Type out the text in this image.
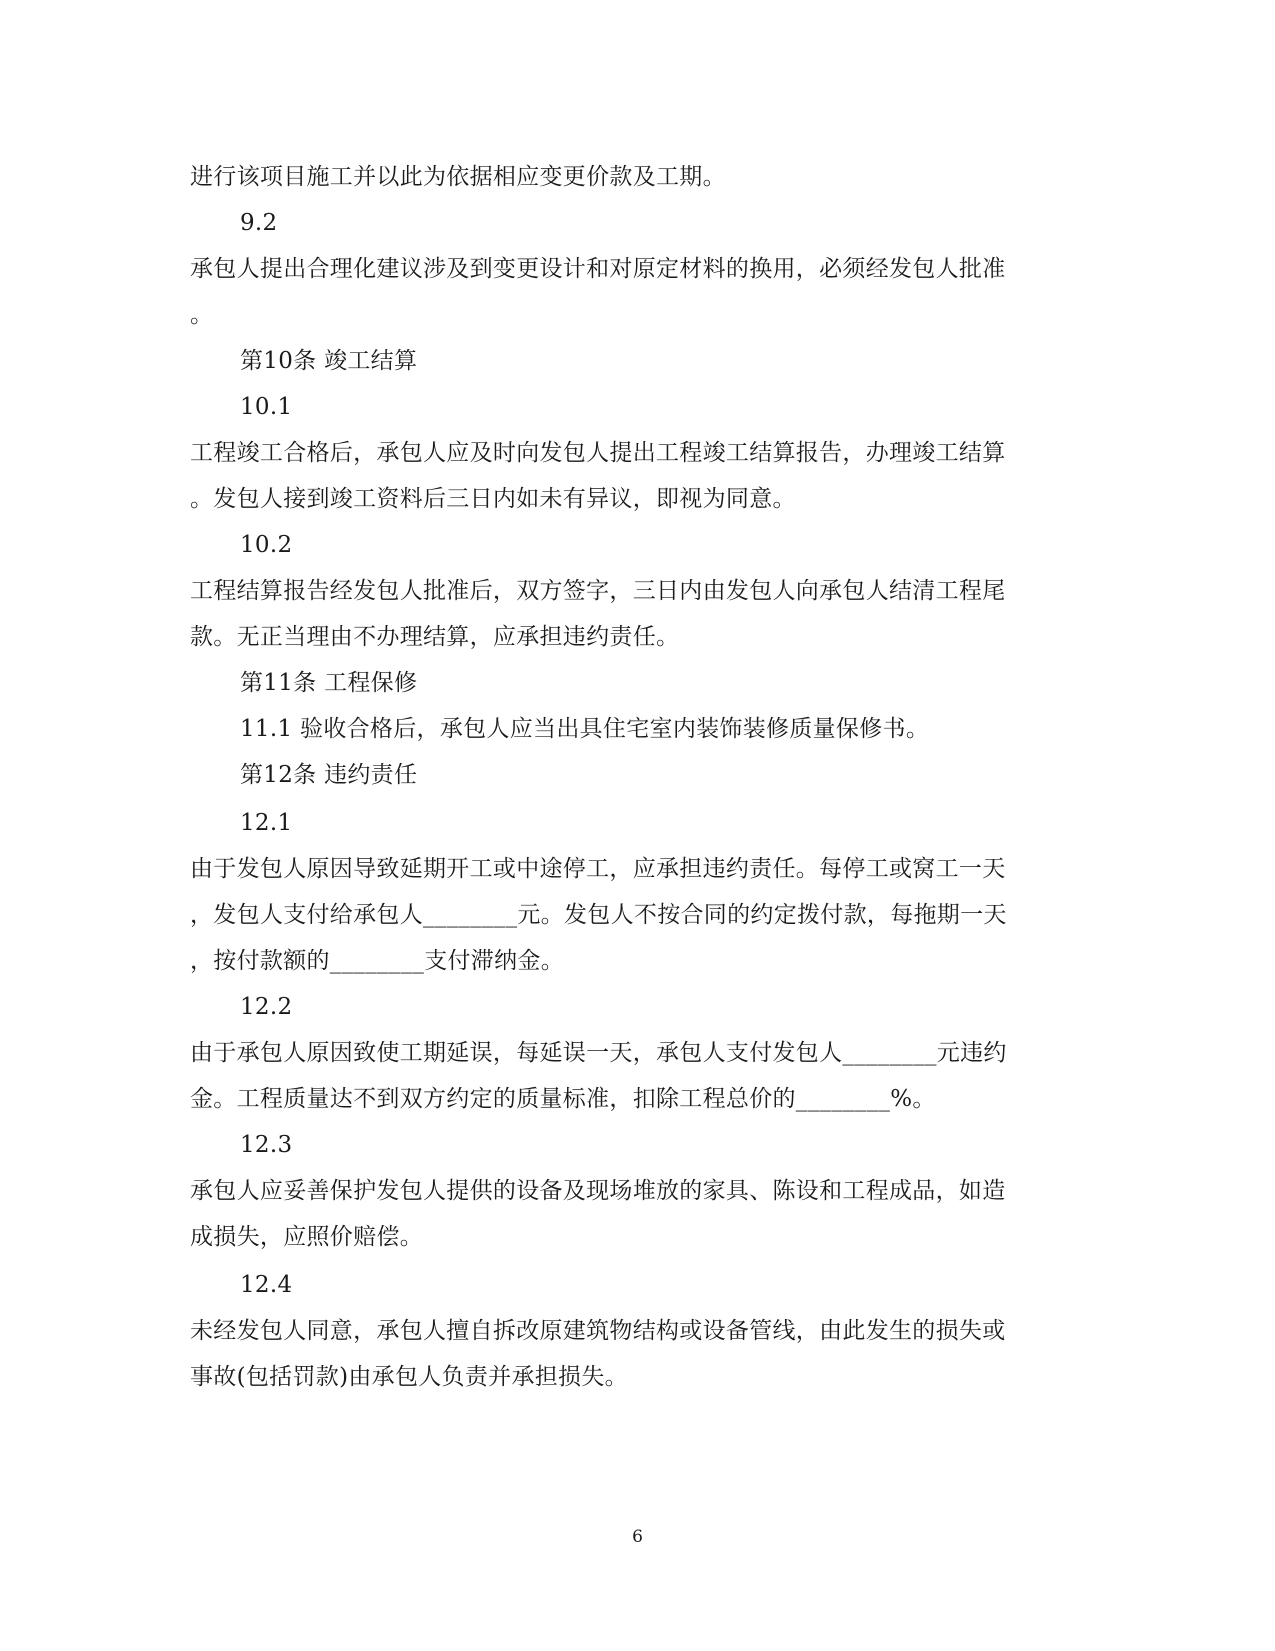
进行该项目施工并以此为依据相应变更价款及工期。
9.2
承包人提出合理化建议涉及到变更设计和对原定材料的换用，必须经发包人批准
。
第10条 竣工结算
10.1
工程竣工合格后，承包人应及时向发包人提出工程竣工结算报告，办理竣工结算
。发包人接到竣工资料后三日内如未有异议，即视为同意。
10.2
工程结算报告经发包人批准后，双方签字，三日内由发包人向承包人结清工程尾
款。无正当理由不办理结算，应承担违约责任。
第11条 工程保修
11.1 验收合格后，承包人应当出具住宅室内装饰装修质量保修书。
第12条 违约责任
12.1
由于发包人原因导致延期开工或中途停工，应承担违约责任。每停工或窝工一天
，发包人支付给承包人________元。发包人不按合同的约定拨付款，每拖期一天
，按付款额的________支付滞纳金。
12.2
由于承包人原因致使工期延误，每延误一天，承包人支付发包人________元违约
金。工程质量达不到双方约定的质量标准，扣除工程总价的________%。
12.3
承包人应妥善保护发包人提供的设备及现场堆放的家具、陈设和工程成品，如造
成损失，应照价赔偿。
12.4
未经发包人同意，承包人擅自拆改原建筑物结构或设备管线，由此发生的损失或
事故(包括罚款)由承包人负责并承担损失。
6
